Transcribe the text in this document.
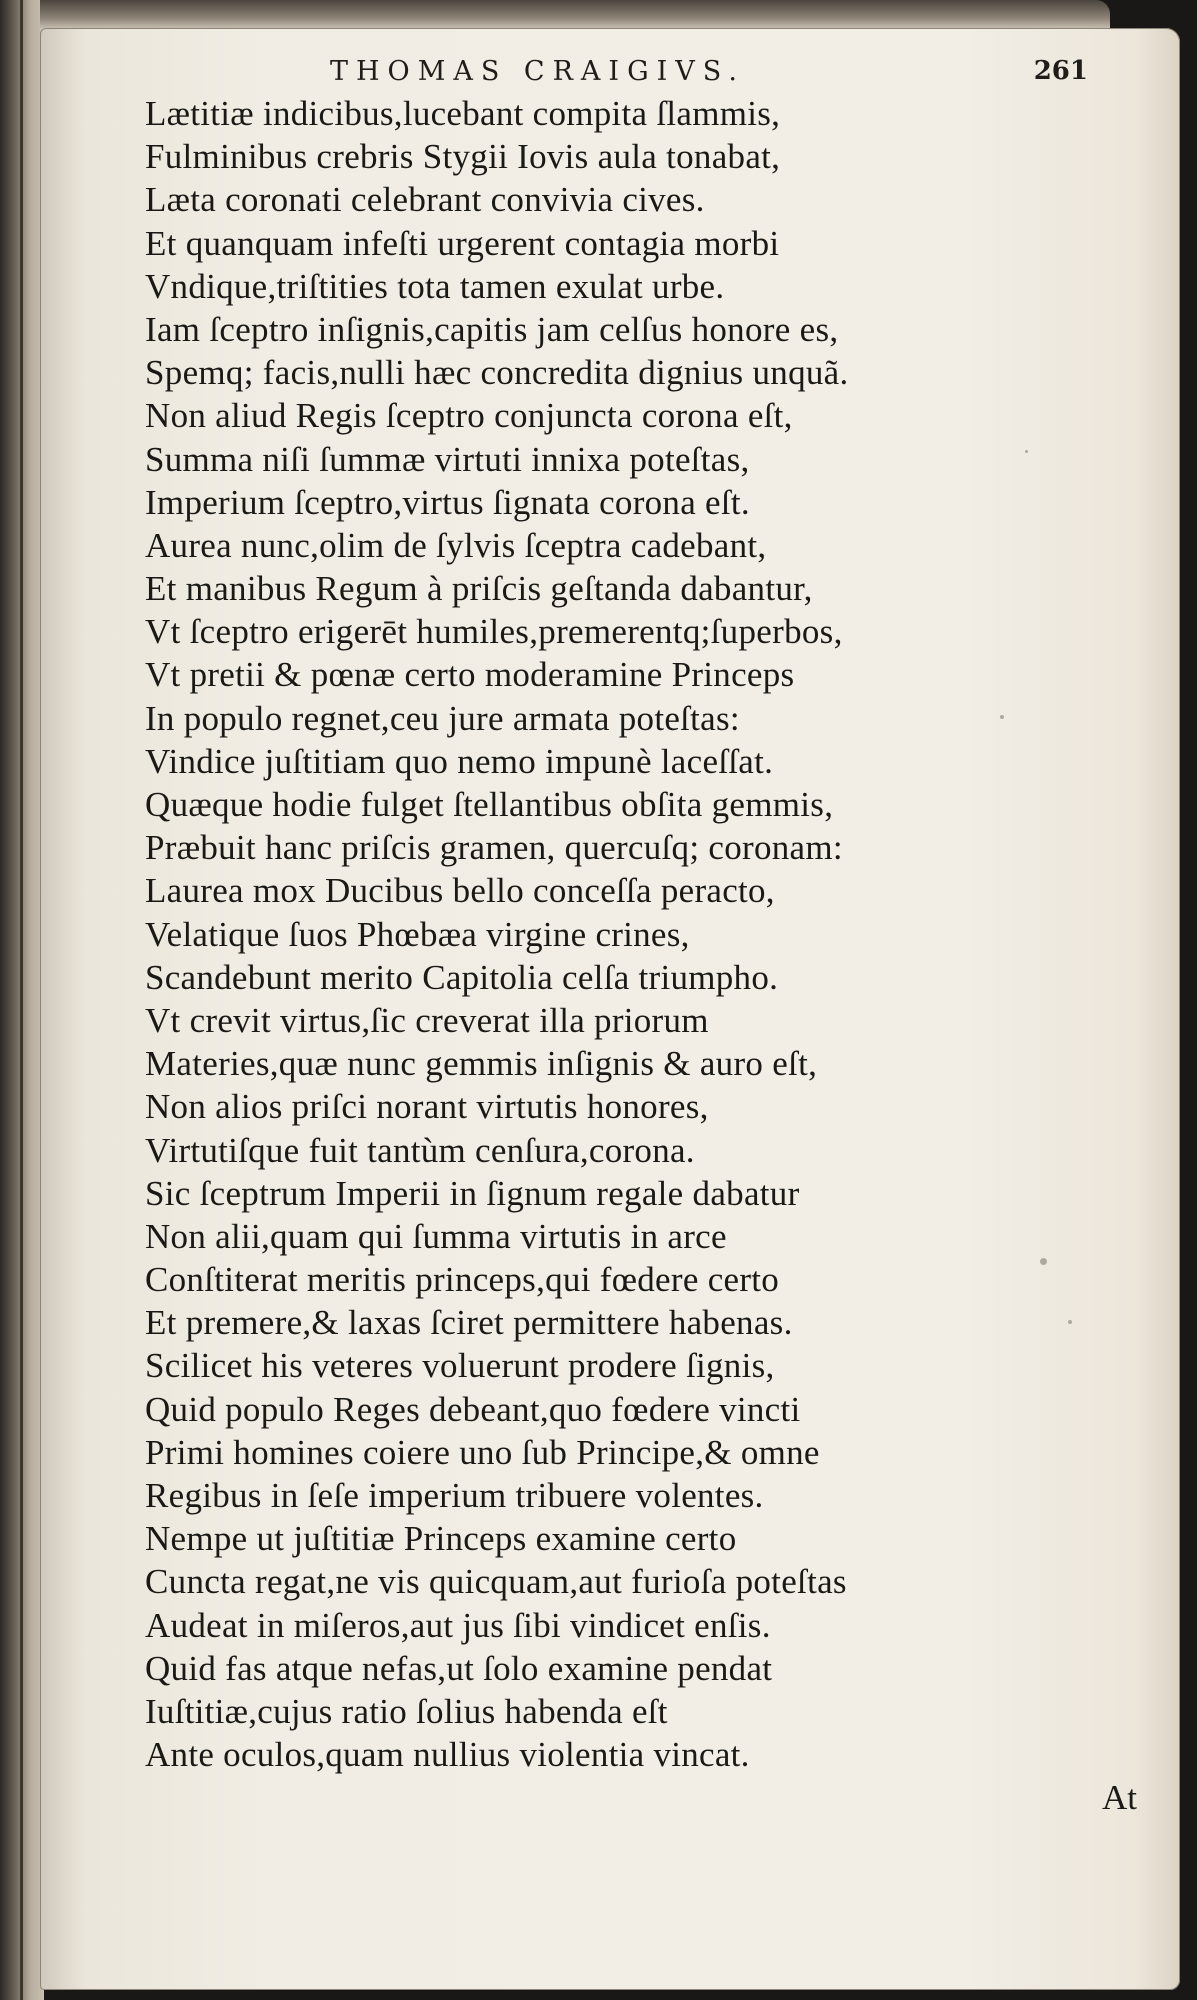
THOMAS CRAIGIVS.	261
Lætitiæ indicibus,lucebant compita ſlammis,
Fulminibus crebris Stygii Iovis aula tonabat,
Læta coronati celebrant convivia cives.
Et quanquam infeſti urgerent contagia morbi
Vndique,triſtities tota tamen exulat urbe.
Iam ſceptro inſignis,capitis jam celſus honore es,
Spemq; facis,nulli hæc concredita dignius unquã.
Non aliud Regis ſceptro conjuncta corona eſt,
Summa niſi ſummæ virtuti innixa poteſtas,
Imperium ſceptro,virtus ſignata corona eſt.
Aurea nunc,olim de ſylvis ſceptra cadebant,
Et manibus Regum à priſcis geſtanda dabantur,
Vt ſceptro erigerēt humiles,premerentq;ſuperbos,
Vt pretii & pœnæ certo moderamine Princeps
In populo regnet,ceu jure armata poteſtas:
Vindice juſtitiam quo nemo impunè laceſſat.
Quæque hodie fulget ſtellantibus obſita gemmis,
Præbuit hanc priſcis gramen, quercuſq; coronam:
Laurea mox Ducibus bello conceſſa peracto,
Velatique ſuos Phœbæa virgine crines,
Scandebunt merito Capitolia celſa triumpho.
Vt crevit virtus,ſic creverat illa priorum
Materies,quæ nunc gemmis inſignis & auro eſt,
Non alios priſci norant virtutis honores,
Virtutiſque fuit tantùm cenſura,corona.
Sic ſceptrum Imperii in ſignum regale dabatur
Non alii,quam qui ſumma virtutis in arce
Conſtiterat meritis princeps,qui fœdere certo
Et premere,& laxas ſciret permittere habenas.
Scilicet his veteres voluerunt prodere ſignis,
Quid populo Reges debeant,quo fœdere vincti
Primi homines coiere uno ſub Principe,& omne
Regibus in ſeſe imperium tribuere volentes.
Nempe ut juſtitiæ Princeps examine certo
Cuncta regat,ne vis quicquam,aut furioſa poteſtas
Audeat in miſeros,aut jus ſibi vindicet enſis.
Quid fas atque nefas,ut ſolo examine pendat
Iuſtitiæ,cujus ratio ſolius habenda eſt
Ante oculos,quam nullius violentia vincat.
At
